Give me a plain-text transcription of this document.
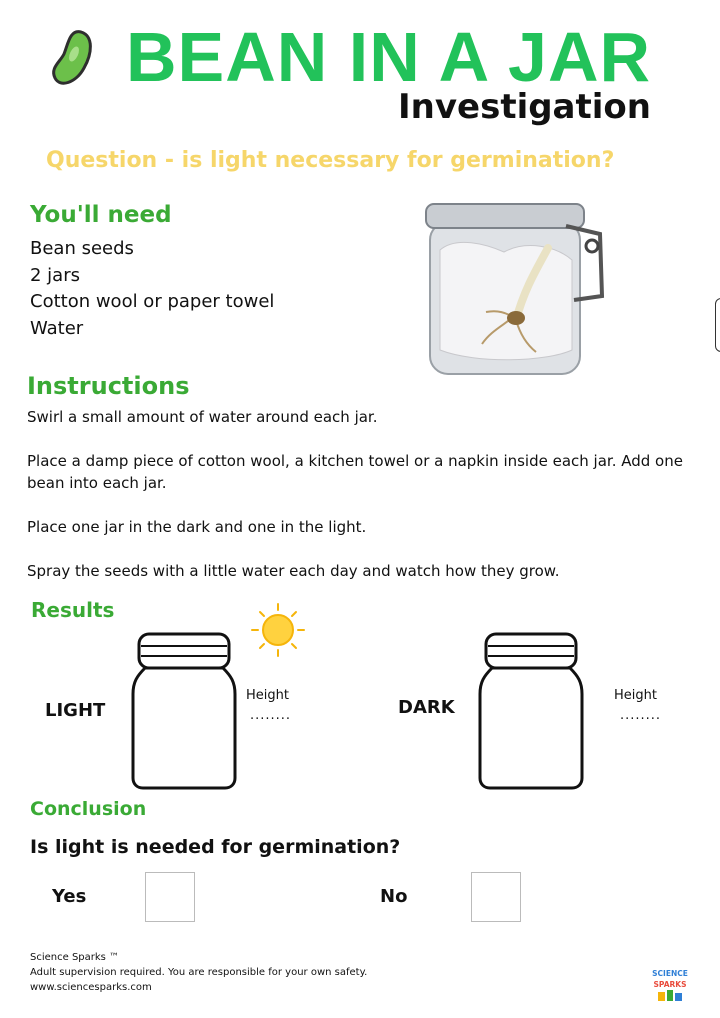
BEAN IN A JAR
Investigation
Question - is light necessary for germination?
You'll need
Bean seeds
2 jars
Cotton wool or paper towel
Water
Instructions
Swirl a small amount of water around each jar.
Place a damp piece of cotton wool, a kitchen towel or a napkin inside each jar. Add one bean into each jar.
Place one jar in the dark and one in the light.
Spray the seeds with a little water each day and watch how they grow.
Results
LIGHT
Height
........	DARK
Height
........
Conclusion
Is light is needed for germination?
Yes	No
Science Sparks ™
Adult supervision required. You are responsible for your own safety.
www.sciencesparks.com
SCIENCE
SPARKS
